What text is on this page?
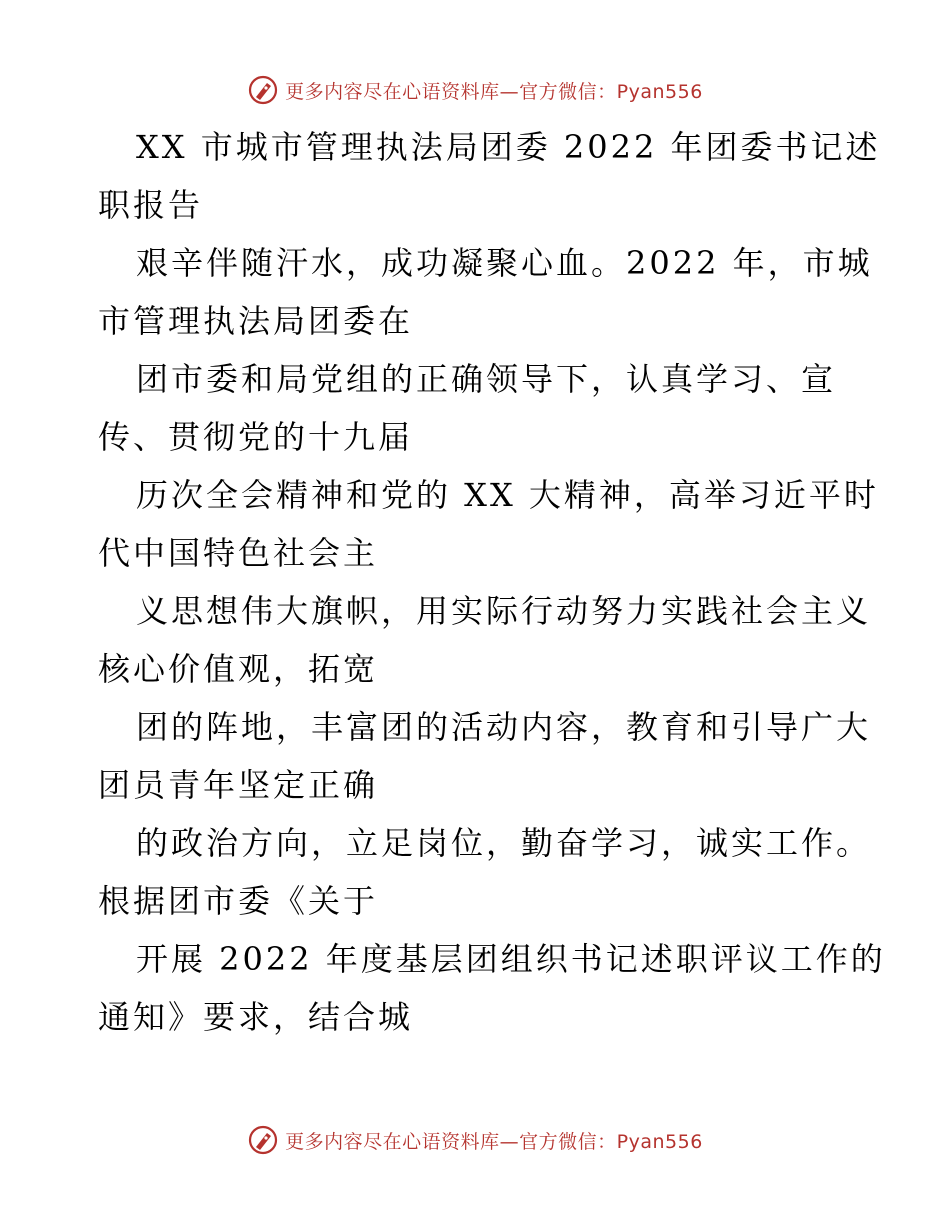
更多内容尽在心语资料库—官方微信：Pyan556
XX 市城市管理执法局团委 2022 年团委书记述
职报告
艰辛伴随汗水，成功凝聚心血。2022 年，市城
市管理执法局团委在
团市委和局党组的正确领导下，认真学习、宣
传、贯彻党的十九届
历次全会精神和党的 XX 大精神，高举习近平时
代中国特色社会主
义思想伟大旗帜，用实际行动努力实践社会主义
核心价值观，拓宽
团的阵地，丰富团的活动内容，教育和引导广大
团员青年坚定正确
的政治方向，立足岗位，勤奋学习，诚实工作。
根据团市委《关于
开展 2022 年度基层团组织书记述职评议工作的
通知》要求，结合城
更多内容尽在心语资料库—官方微信：Pyan556
